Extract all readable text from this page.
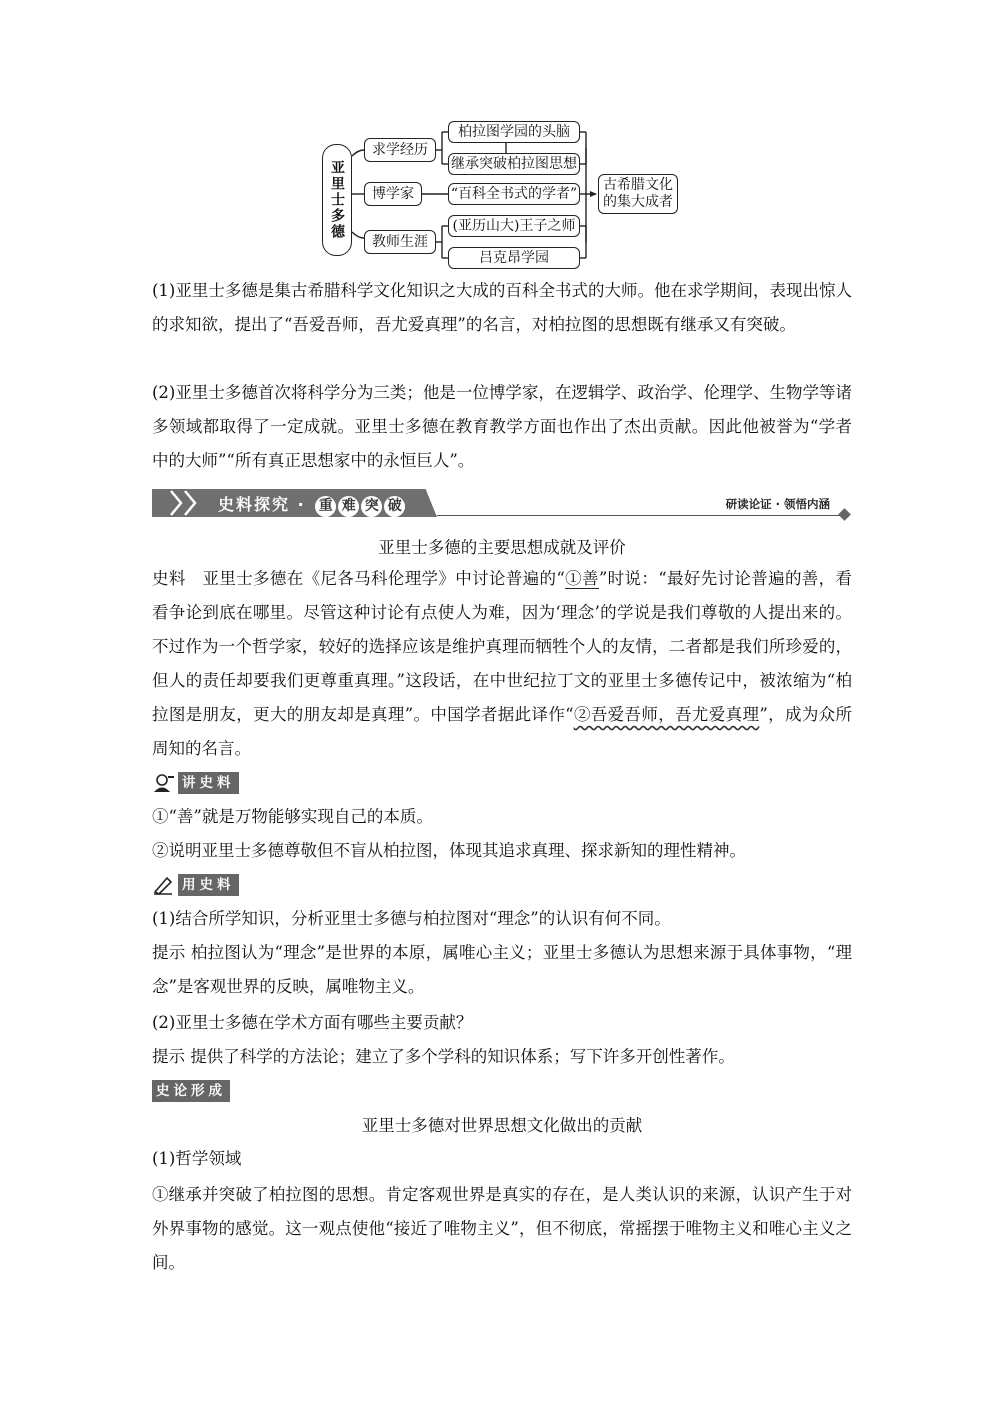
亚里士多德
求学经历
博学家
教师生涯
柏拉图学园的头脑
继承突破柏拉图思想
“百科全书式的学者”
(亚历山大)王子之师
吕克昂学园
古希腊文化
的集大成者
(1)亚里士多德是集古希腊科学文化知识之大成的百科全书式的大师。他在求学期间，表现出惊人的求知欲，提出了“吾爱吾师，吾尤爱真理”的名言，对柏拉图的思想既有继承又有突破。
(2)亚里士多德首次将科学分为三类；他是一位博学家，在逻辑学、政治学、伦理学、生物学等诸多领域都取得了一定成就。亚里士多德在教育教学方面也作出了杰出贡献。因此他被誉为“学者中的大师”“所有真正思想家中的永恒巨人”。
史料探究 · 重 难 突 破	研读论证 · 领悟内涵
亚里士多德的主要思想成就及评价
史料 亚里士多德在《尼各马科伦理学》中讨论普遍的“①善”时说：“最好先讨论普遍的善，看看争论到底在哪里。尽管这种讨论有点使人为难，因为‘理念’的学说是我们尊敬的人提出来的。不过作为一个哲学家，较好的选择应该是维护真理而牺牲个人的友情，二者都是我们所珍爱的，但人的责任却要我们更尊重真理。”这段话，在中世纪拉丁文的亚里士多德传记中，被浓缩为“柏拉图是朋友，更大的朋友却是真理”。中国学者据此译作“②吾爱吾师，吾尤爱真理”，成为众所周知的名言。
讲史料
①“善”就是万物能够实现自己的本质。
②说明亚里士多德尊敬但不盲从柏拉图，体现其追求真理、探求新知的理性精神。
用史料
(1)结合所学知识，分析亚里士多德与柏拉图对“理念”的认识有何不同。
提示 柏拉图认为“理念”是世界的本原，属唯心主义；亚里士多德认为思想来源于具体事物，“理念”是客观世界的反映，属唯物主义。
(2)亚里士多德在学术方面有哪些主要贡献？
提示 提供了科学的方法论；建立了多个学科的知识体系；写下许多开创性著作。
史论形成
亚里士多德对世界思想文化做出的贡献
(1)哲学领域
①继承并突破了柏拉图的思想。肯定客观世界是真实的存在，是人类认识的来源，认识产生于对外界事物的感觉。这一观点使他“接近了唯物主义”，但不彻底，常摇摆于唯物主义和唯心主义之间。
